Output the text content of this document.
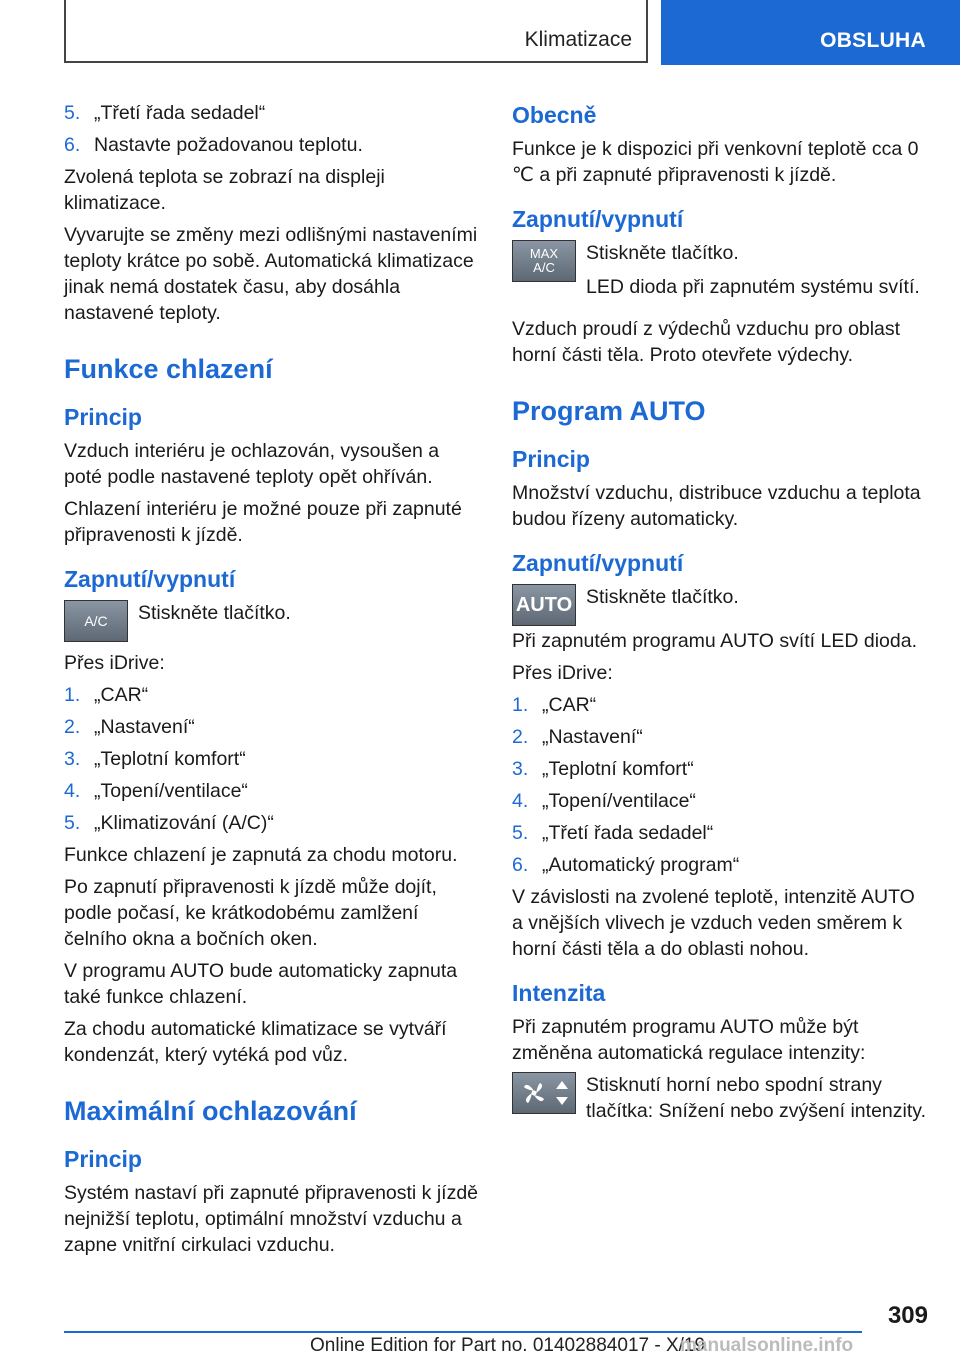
Klimatizace	OBSLUHA
5. „Třetí řada sedadel“
6. Nastavte požadovanou teplotu.

Zvolená teplota se zobrazí na displeji klimatizace.

Vyvarujte se změny mezi odlišnými nastaveními teploty krátce po sobě. Automatická klimatizace jinak nemá dostatek času, aby dosáhla nastavené teploty.

Funkce chlazení
Princip

Vzduch interiéru je ochlazován, vysoušen a poté podle nastavené teploty opět ohříván.

Chlazení interiéru je možné pouze při zapnuté připravenosti k jízdě.

Zapnutí/vypnutí
A/C	Stiskněte tlačítko.

Přes iDrive:

1. „CAR“
2. „Nastavení“
3. „Teplotní komfort“
4. „Topení/ventilace“
5. „Klimatizování (A/C)“

Funkce chlazení je zapnutá za chodu motoru.

Po zapnutí připravenosti k jízdě může dojít, podle počasí, ke krátkodobému zamlžení čelního okna a bočních oken.

V programu AUTO bude automaticky zapnuta také funkce chlazení.

Za chodu automatické klimatizace se vytváří kondenzát, který vytéká pod vůz.

Maximální ochlazování
Princip

Systém nastaví při zapnuté připravenosti k jízdě nejnižší teplotu, optimální množství vzduchu a zapne vnitřní cirkulaci vzduchu.

Obecně

Funkce je k dispozici při venkovní teplotě cca 0 ℃ a při zapnuté připravenosti k jízdě.

Zapnutí/vypnutí
MAX
A/C

Stiskněte tlačítko.

LED dioda při zapnutém systému svítí.

Vzduch proudí z výdechů vzduchu pro oblast horní části těla. Proto otevřete výdechy.

Program AUTO
Princip

Množství vzduchu, distribuce vzduchu a teplota budou řízeny automaticky.

Zapnutí/vypnutí
AUTO Stiskněte tlačítko.

Při zapnutém programu AUTO svítí LED dioda.

Přes iDrive:

1. „CAR“
2. „Nastavení“
3. „Teplotní komfort“
4. „Topení/ventilace“
5. „Třetí řada sedadel“
6. „Automatický program“

V závislosti na zvolené teplotě, intenzitě AUTO a vnějších vlivech je vzduch veden směrem k horní části těla a do oblasti nohou.

Intenzita

Při zapnutém programu AUTO může být změněna automatická regulace intenzity:

Stisknutí horní nebo spodní strany tlačítka: Snížení nebo zvýšení intenzity.

309
Online Edition for Part no. 01402884017 - X/19
manualsonline.info
